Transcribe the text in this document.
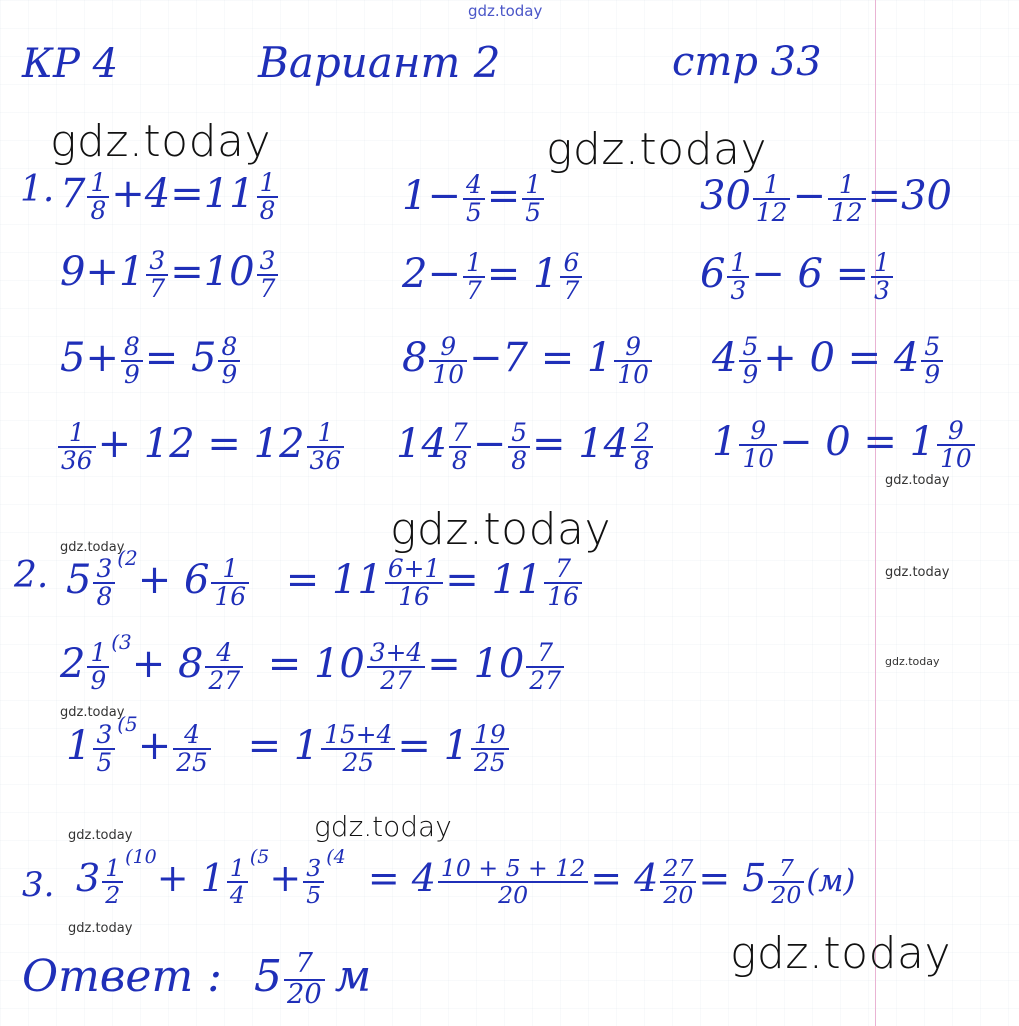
gdz.today
gdz.today	gdz.today
gdz.today
gdz.today
gdz.today
gdz.today
gdz.today
gdz.today
gdz.today
gdz.today
gdz.today	gdz.today
КР 4	Вариант 2	стр 33
1. $7 \frac{1}{8} +4=11 \frac{1}{8}$
$9+1 \frac{3}{7} =10 \frac{3}{7}$
$5+ \frac{8}{9} = 5 \frac{8}{9}$
$\frac{1}{36} + 12 = 12 \frac{1}{36}$
$1- \frac{4}{5} = \frac{1}{5}$
$2- \frac{1}{7} = 1 \frac{6}{7}$
$8 \frac{9}{10} -7 = 1 \frac{9}{10}$
$14 \frac{7}{8} - \frac{5}{8} = 14 \frac{2}{8}$
$30 \frac{1}{12} - \frac{1}{12} =30$
$6 \frac{1}{3} - 6 = \frac{1}{3}$
$4 \frac{5}{9} + 0 = 4 \frac{5}{9}$
$1 \frac{9}{10} - 0 = 1 \frac{9}{10}$
2. $5 \frac{3}{8} (2+ 6 \frac{1}{16} = 11 \frac{6+1}{16} = 11 \frac{7}{16}$
$2 \frac{1}{9} (3+ 8 \frac{4}{27} = 10 \frac{3+4}{27} = 10 \frac{7}{27}$
$1 \frac{3}{5} (5+ \frac{4}{25} = 1 \frac{15+4}{25} = 1 \frac{19}{25}$
3. $3 \frac{1}{2} (10+ 1 \frac{1}{4} (5+ \frac{3}{5} (4 = 4 \frac{10 + 5 + 12}{20} = 4 \frac{27}{20} = 5 \frac{7}{20} (м)$
Ответ : $5 \frac{7}{20}$ м
